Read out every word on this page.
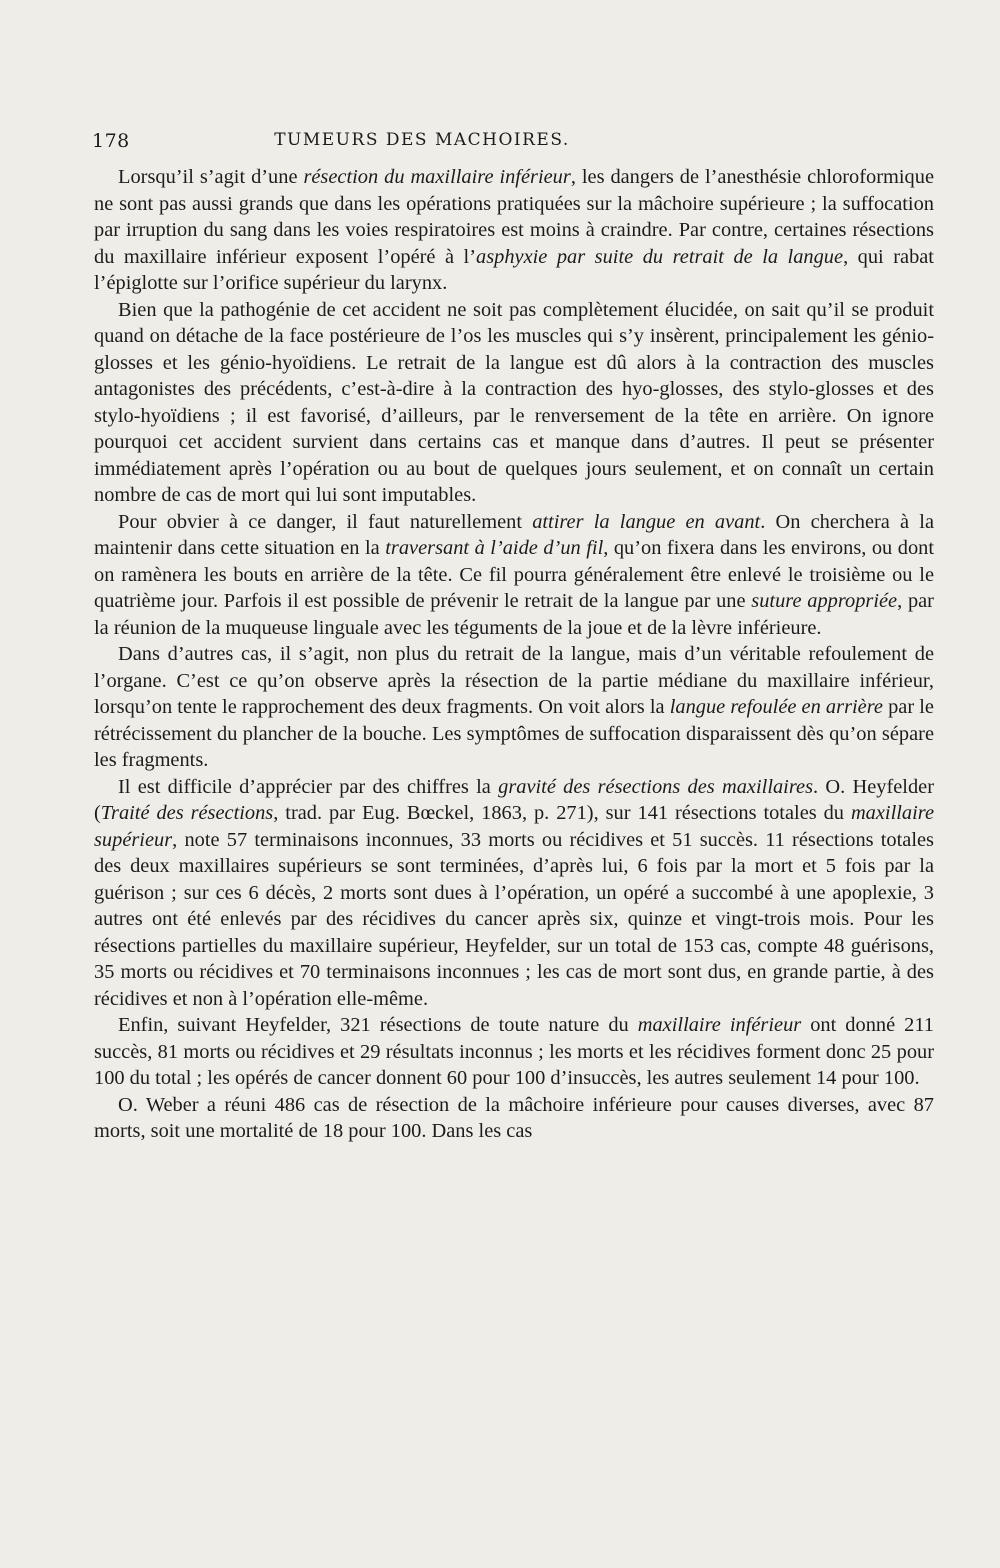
178	TUMEURS DES MACHOIRES.

Lorsqu’il s’agit d’une résection du maxillaire inférieur, les dangers de l’anesthésie chloroformique ne sont pas aussi grands que dans les opérations pratiquées sur la mâchoire supérieure ; la suffocation par irruption du sang dans les voies respiratoires est moins à craindre. Par contre, certaines résections du maxillaire inférieur exposent l’opéré à l’asphyxie par suite du retrait de la langue, qui rabat l’épiglotte sur l’orifice supérieur du larynx.

Bien que la pathogénie de cet accident ne soit pas complètement élucidée, on sait qu’il se produit quand on détache de la face postérieure de l’os les muscles qui s’y insèrent, principalement les génio-glosses et les génio-hyoïdiens. Le retrait de la langue est dû alors à la contraction des muscles antagonistes des précédents, c’est-à-dire à la contraction des hyo-glosses, des stylo-glosses et des stylo-hyoïdiens ; il est favorisé, d’ailleurs, par le renversement de la tête en arrière. On ignore pourquoi cet accident survient dans certains cas et manque dans d’autres. Il peut se présenter immédiatement après l’opération ou au bout de quelques jours seulement, et on connaît un certain nombre de cas de mort qui lui sont imputables.

Pour obvier à ce danger, il faut naturellement attirer la langue en avant. On cherchera à la maintenir dans cette situation en la traversant à l’aide d’un fil, qu’on fixera dans les environs, ou dont on ramènera les bouts en arrière de la tête. Ce fil pourra généralement être enlevé le troisième ou le quatrième jour. Parfois il est possible de prévenir le retrait de la langue par une suture appropriée, par la réunion de la muqueuse linguale avec les téguments de la joue et de la lèvre inférieure.

Dans d’autres cas, il s’agit, non plus du retrait de la langue, mais d’un véritable refoulement de l’organe. C’est ce qu’on observe après la résection de la partie médiane du maxillaire inférieur, lorsqu’on tente le rapprochement des deux fragments. On voit alors la langue refoulée en arrière par le rétrécissement du plancher de la bouche. Les symptômes de suffocation disparaissent dès qu’on sépare les fragments.

Il est difficile d’apprécier par des chiffres la gravité des résections des maxillaires. O. Heyfelder (Traité des résections, trad. par Eug. Bœckel, 1863, p. 271), sur 141 résections totales du maxillaire supérieur, note 57 terminaisons inconnues, 33 morts ou récidives et 51 succès. 11 résections totales des deux maxillaires supérieurs se sont terminées, d’après lui, 6 fois par la mort et 5 fois par la guérison ; sur ces 6 décès, 2 morts sont dues à l’opération, un opéré a succombé à une apoplexie, 3 autres ont été enlevés par des récidives du cancer après six, quinze et vingt-trois mois. Pour les résections partielles du maxillaire supérieur, Heyfelder, sur un total de 153 cas, compte 48 guérisons, 35 morts ou récidives et 70 terminaisons inconnues ; les cas de mort sont dus, en grande partie, à des récidives et non à l’opération elle-même.

Enfin, suivant Heyfelder, 321 résections de toute nature du maxillaire inférieur ont donné 211 succès, 81 morts ou récidives et 29 résultats inconnus ; les morts et les récidives forment donc 25 pour 100 du total ; les opérés de cancer donnent 60 pour 100 d’insuccès, les autres seulement 14 pour 100.

O. Weber a réuni 486 cas de résection de la mâchoire inférieure pour causes diverses, avec 87 morts, soit une mortalité de 18 pour 100. Dans les cas
